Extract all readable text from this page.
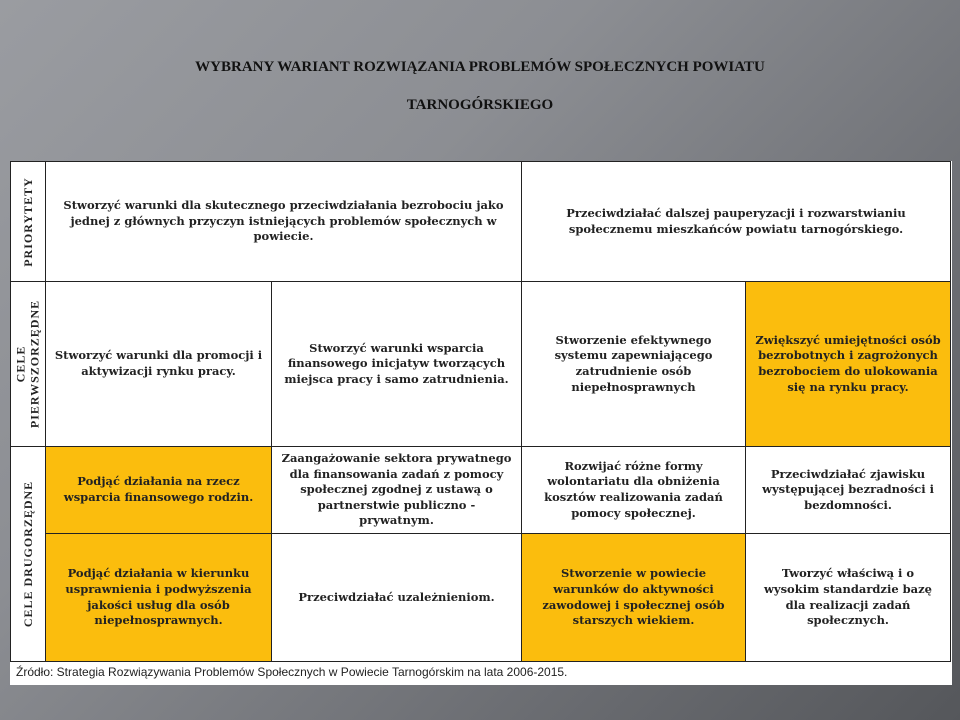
WYBRANY WARIANT ROZWIĄZANIA PROBLEMÓW SPOŁECZNYCH POWIATU
TARNOGÓRSKIEGO
PRIORYTETY	Stworzyć warunki dla skutecznego przeciwdziałania bezrobociu jako jednej z głównych przyczyn istniejących problemów społecznych w powiecie.		Przeciwdziałać dalszej pauperyzacji i rozwarstwianiu społecznemu mieszkańców powiatu tarnogórskiego.	

CELE PIERWSZORZĘDNE	Stworzyć warunki dla promocji i aktywizacji rynku pracy.	Stworzyć warunki wsparcia finansowego inicjatyw tworzących miejsca pracy i samo zatrudnienia.	Stworzenie efektywnego systemu zapewniającego zatrudnienie osób niepełnosprawnych	Zwiększyć umiejętności osób bezrobotnych i zagrożonych bezrobociem do ulokowania się na rynku pracy.

CELE DRUGORZĘDNE	Podjąć działania na rzecz wsparcia finansowego rodzin.	Zaangażowanie sektora prywatnego dla finansowania zadań z pomocy społecznej zgodnej z ustawą o partnerstwie publiczno - prywatnym.	Rozwijać różne formy wolontariatu dla obniżenia kosztów realizowania zadań pomocy społecznej.	Przeciwdziałać zjawisku występującej bezradności i bezdomności.
	Podjąć działania w kierunku usprawnienia i podwyższenia jakości usług dla osób niepełnosprawnych.	Przeciwdziałać uzależnieniom.	Stworzenie w powiecie warunków do aktywności zawodowej i społecznej osób starszych wiekiem.	Tworzyć właściwą i o wysokim standardzie bazę dla realizacji zadań społecznych.
Źródło: Strategia Rozwiązywania Problemów Społecznych w Powiecie Tarnogórskim na lata 2006-2015.
